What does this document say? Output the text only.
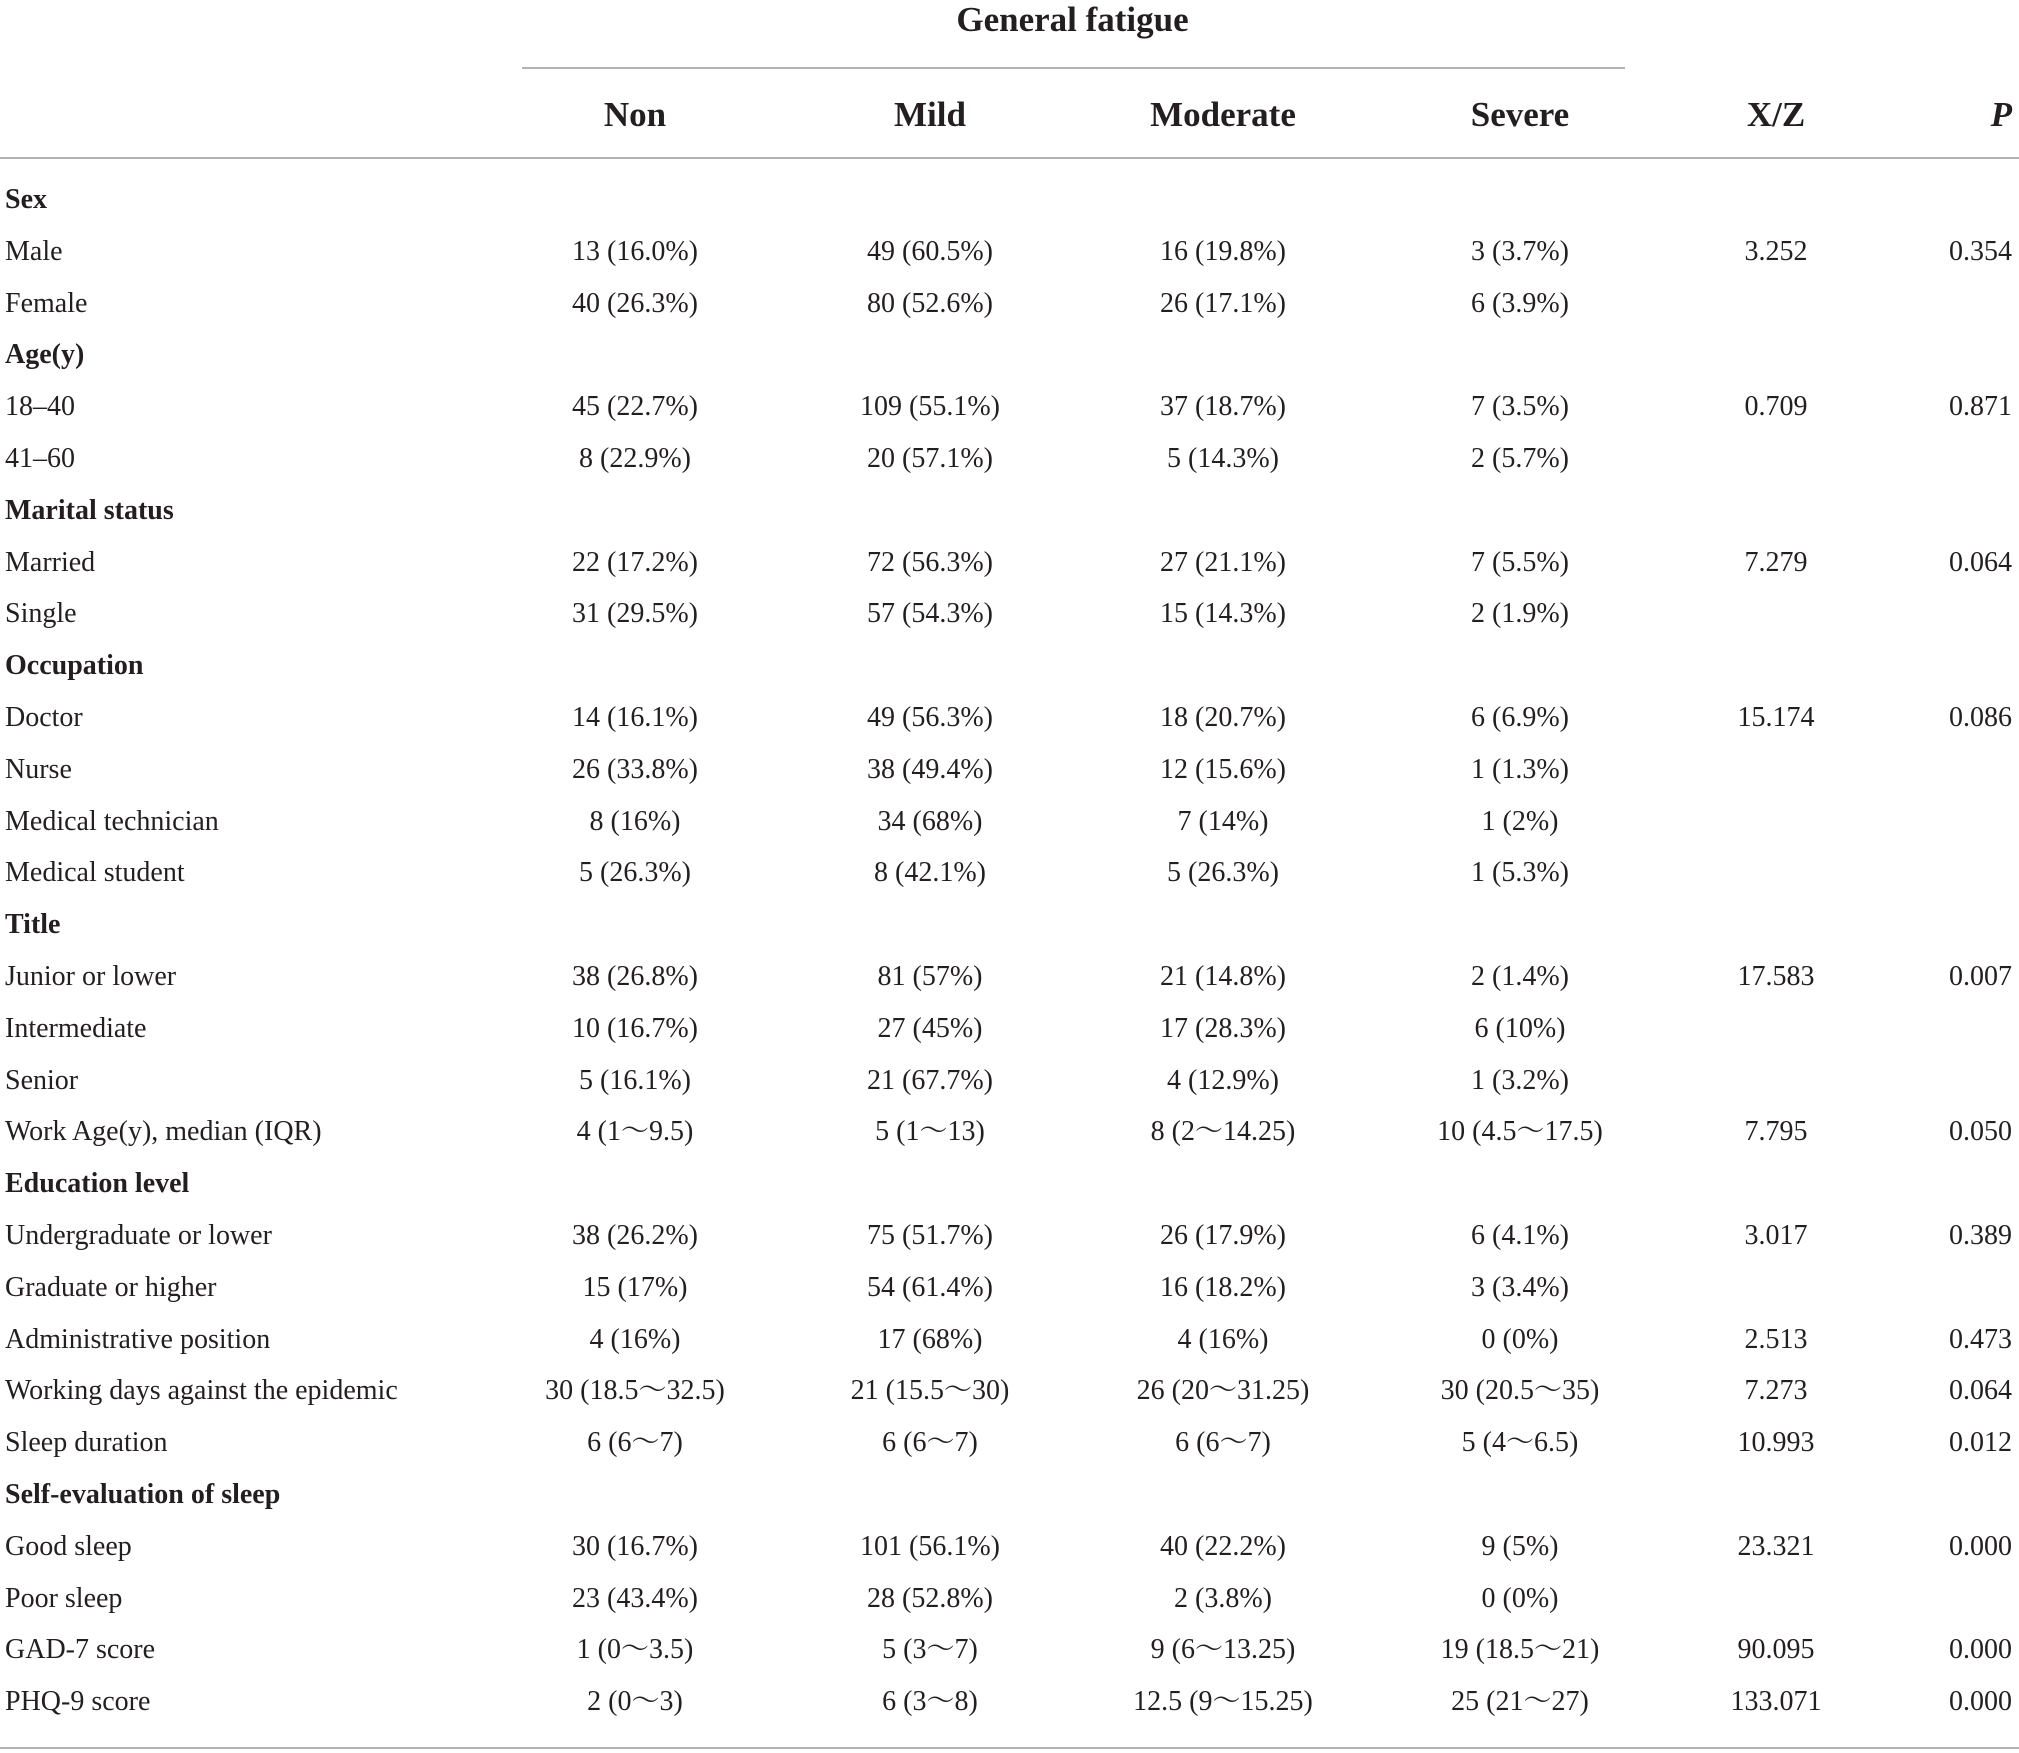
General fatigue
Non	Mild	Moderate	Severe	X/Z	P
Sex
Male	13 (16.0%)	49 (60.5%)	16 (19.8%)	3 (3.7%)	3.252	0.354
Female	40 (26.3%)	80 (52.6%)	26 (17.1%)	6 (3.9%)
Age(y)
18–40	45 (22.7%)	109 (55.1%)	37 (18.7%)	7 (3.5%)	0.709	0.871
41–60	8 (22.9%)	20 (57.1%)	5 (14.3%)	2 (5.7%)
Marital status
Married	22 (17.2%)	72 (56.3%)	27 (21.1%)	7 (5.5%)	7.279	0.064
Single	31 (29.5%)	57 (54.3%)	15 (14.3%)	2 (1.9%)
Occupation
Doctor	14 (16.1%)	49 (56.3%)	18 (20.7%)	6 (6.9%)	15.174	0.086
Nurse	26 (33.8%)	38 (49.4%)	12 (15.6%)	1 (1.3%)
Medical technician	8 (16%)	34 (68%)	7 (14%)	1 (2%)
Medical student	5 (26.3%)	8 (42.1%)	5 (26.3%)	1 (5.3%)
Title
Junior or lower	38 (26.8%)	81 (57%)	21 (14.8%)	2 (1.4%)	17.583	0.007
Intermediate	10 (16.7%)	27 (45%)	17 (28.3%)	6 (10%)
Senior	5 (16.1%)	21 (67.7%)	4 (12.9%)	1 (3.2%)
Work Age(y), median (IQR)	4 (1～9.5)	5 (1～13)	8 (2～14.25)	10 (4.5～17.5)	7.795	0.050
Education level
Undergraduate or lower	38 (26.2%)	75 (51.7%)	26 (17.9%)	6 (4.1%)	3.017	0.389
Graduate or higher	15 (17%)	54 (61.4%)	16 (18.2%)	3 (3.4%)
Administrative position	4 (16%)	17 (68%)	4 (16%)	0 (0%)	2.513	0.473
Working days against the epidemic	30 (18.5～32.5)	21 (15.5～30)	26 (20～31.25)	30 (20.5～35)	7.273	0.064
Sleep duration	6 (6～7)	6 (6～7)	6 (6～7)	5 (4～6.5)	10.993	0.012
Self-evaluation of sleep
Good sleep	30 (16.7%)	101 (56.1%)	40 (22.2%)	9 (5%)	23.321	0.000
Poor sleep	23 (43.4%)	28 (52.8%)	2 (3.8%)	0 (0%)
GAD-7 score	1 (0～3.5)	5 (3～7)	9 (6～13.25)	19 (18.5～21)	90.095	0.000
PHQ-9 score	2 (0～3)	6 (3～8)	12.5 (9～15.25)	25 (21～27)	133.071	0.000
